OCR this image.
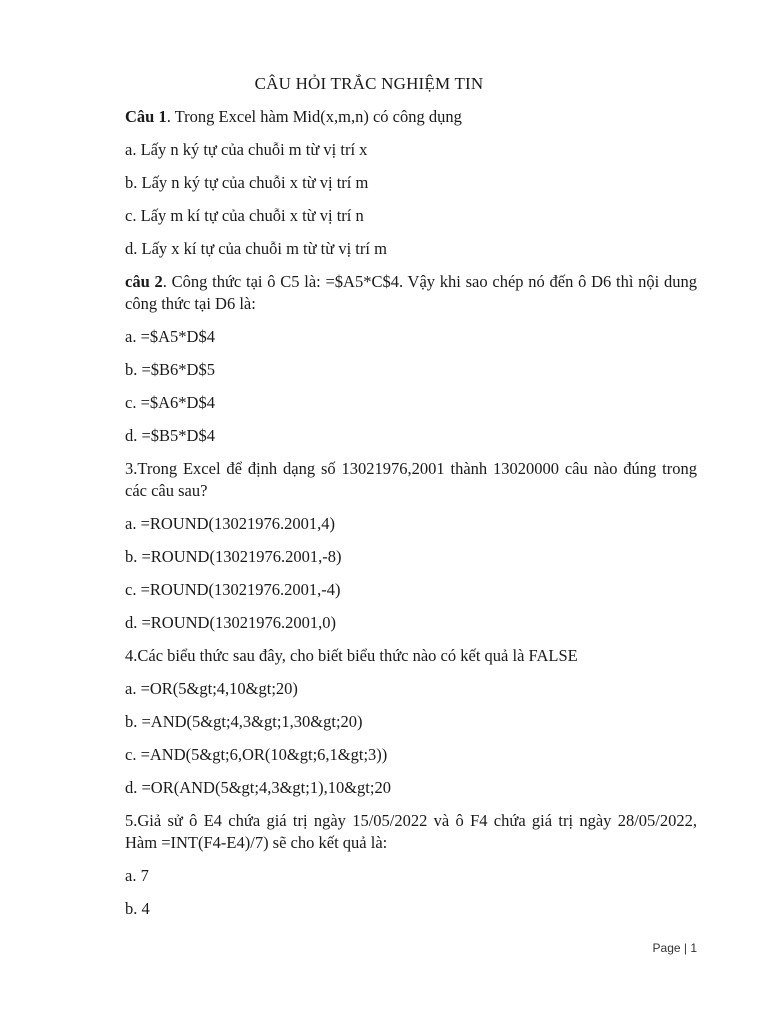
CÂU HỎI TRẮC NGHIỆM TIN
Câu 1. Trong Excel hàm Mid(x,m,n) có công dụng
a. Lấy n ký tự của chuỗi m từ vị trí x
b. Lấy n ký tự của chuỗi x từ vị trí m
c. Lấy m kí tự của chuỗi x từ vị trí n
d. Lấy x kí tự của chuỗi m từ từ vị trí m
câu 2. Công thức tại ô C5 là: =$A5*C$4. Vậy khi sao chép nó đến ô D6 thì nội dung công thức tại D6 là:
a. =$A5*D$4
b. =$B6*D$5
c. =$A6*D$4
d. =$B5*D$4
3.Trong Excel để định dạng số 13021976,2001 thành 13020000 câu nào đúng trong các câu sau?
a. =ROUND(13021976.2001,4)
b. =ROUND(13021976.2001,-8)
c. =ROUND(13021976.2001,-4)
d. =ROUND(13021976.2001,0)
4.Các biểu thức sau đây, cho biết biểu thức nào có kết quả là FALSE
a. =OR(5&gt;4,10&gt;20)
b. =AND(5&gt;4,3&gt;1,30&gt;20)
c. =AND(5&gt;6,OR(10&gt;6,1&gt;3))
d. =OR(AND(5&gt;4,3&gt;1),10&gt;20
5.Giả sử ô E4 chứa giá trị ngày 15/05/2022 và ô F4 chứa giá trị ngày 28/05/2022, Hàm =INT(F4-E4)/7) sẽ cho kết quả là:
a. 7
b. 4
Page | 1
